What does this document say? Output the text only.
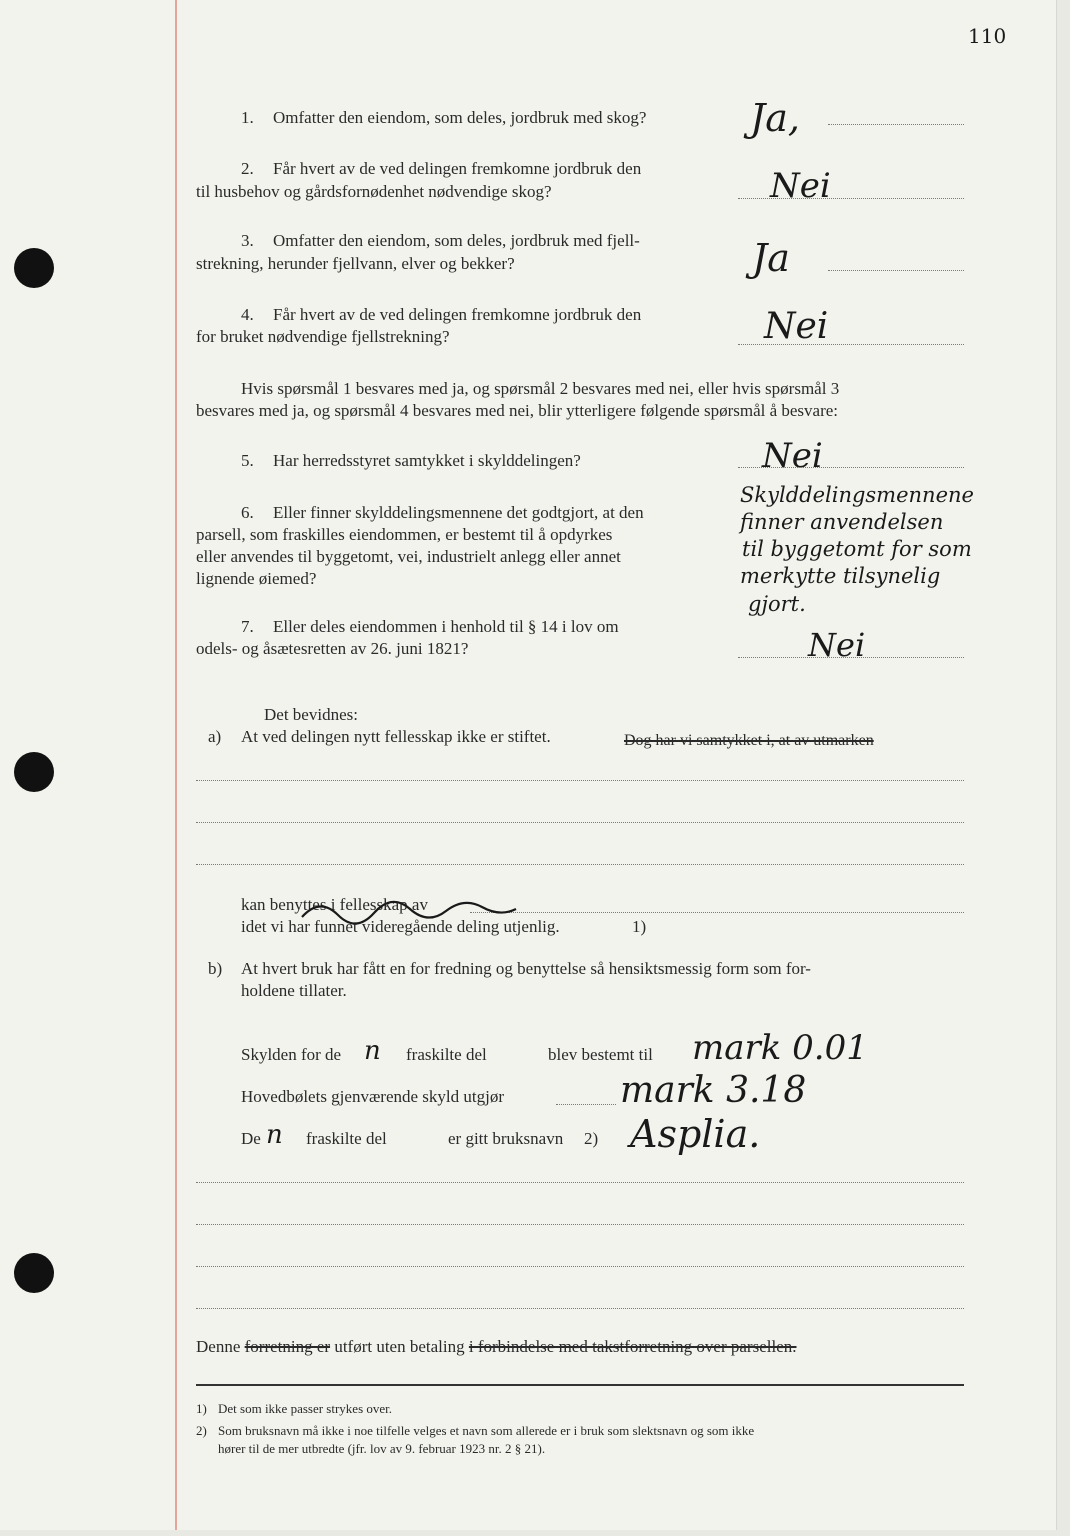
110
1. Omfatter den eiendom, som deles, jordbruk med skog?	Ja,
2. Får hvert av de ved delingen fremkomne jordbruk den
til husbehov og gårdsfornødenhet nødvendige skog?	Nei
3. Omfatter den eiendom, som deles, jordbruk med fjell-
strekning, herunder fjellvann, elver og bekker?	Ja
4. Får hvert av de ved delingen fremkomne jordbruk den
for bruket nødvendige fjellstrekning?	Nei
Hvis spørsmål 1 besvares med ja, og spørsmål 2 besvares med nei, eller hvis spørsmål 3
besvares med ja, og spørsmål 4 besvares med nei, blir ytterligere følgende spørsmål å besvare:
5. Har herredsstyret samtykket i skylddelingen?	Nei
6. Eller finner skylddelingsmennene det godtgjort, at den
parsell, som fraskilles eiendommen, er bestemt til å opdyrkes
eller anvendes til byggetomt, vei, industrielt anlegg eller annet
lignende øiemed?
Skylddelingsmennene
finner anvendelsen
til byggetomt for som
merkytte tilsynelig
gjort.
7. Eller deles eiendommen i henhold til § 14 i lov om
odels- og åsætesretten av 26. juni 1821?	Nei
Det bevidnes:
a) At ved delingen nytt fellesskap ikke er stiftet.	Dog har vi samtykket i, at av utmarken
kan benyttes i fellesskap av
idet vi har funnet videregående deling utjenlig.	1)
b) At hvert bruk har fått en for fredning og benyttelse så hensiktsmessig form som for-
holdene tillater.
Skylden for de n fraskilte del	blev bestemt til mark 0.01
Hovedbølets gjenværende skyld utgjør	mark 3.18
De n fraskilte del	er gitt bruksnavn 2) Asplia.
Denne forretning er utført uten betaling i forbindelse med takstforretning over parsellen.
1) Det som ikke passer strykes over.
2) Som bruksnavn må ikke i noe tilfelle velges et navn som allerede er i bruk som slektsnavn og som ikke
hører til de mer utbredte (jfr. lov av 9. februar 1923 nr. 2 § 21).
